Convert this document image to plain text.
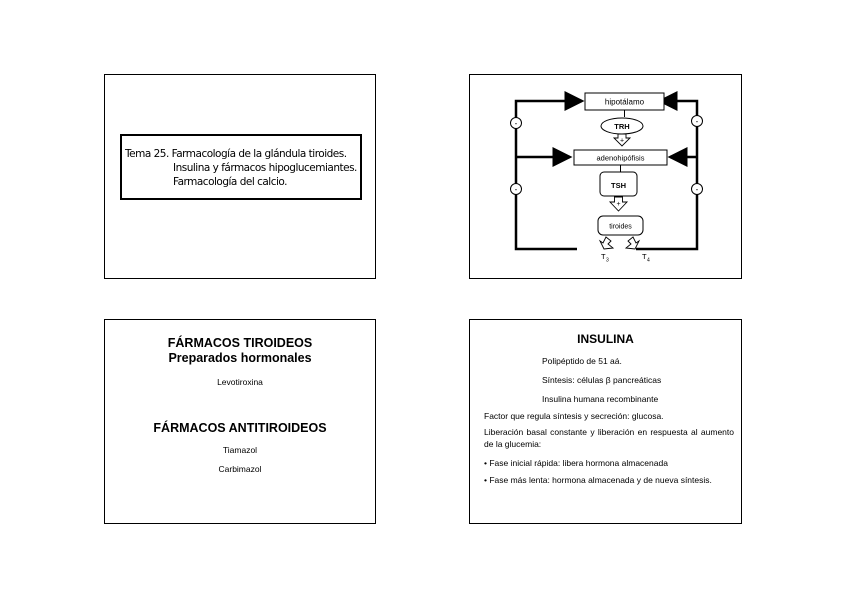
Tema 25. Farmacología de la glándula tiroides.
Insulina y fármacos hipoglucemiantes.
Farmacología del calcio.
-
-
-
-
hipotálamo
TRH
+
adenohipófisis
TSH
+
tiroides
T 3	T 4
FÁRMACOS TIROIDEOS
Preparados hormonales
Levotiroxina
FÁRMACOS ANTITIROIDEOS
Tiamazol
Carbimazol
INSULINA
Polipéptido de 51 aá.
Síntesis: células β pancreáticas
Insulina humana recombinante
Factor que regula síntesis y secreción: glucosa.
Liberación basal constante y liberación en respuesta al aumento de la glucemia:
• Fase inicial rápida: libera hormona almacenada
• Fase más lenta: hormona almacenada y de nueva síntesis.
